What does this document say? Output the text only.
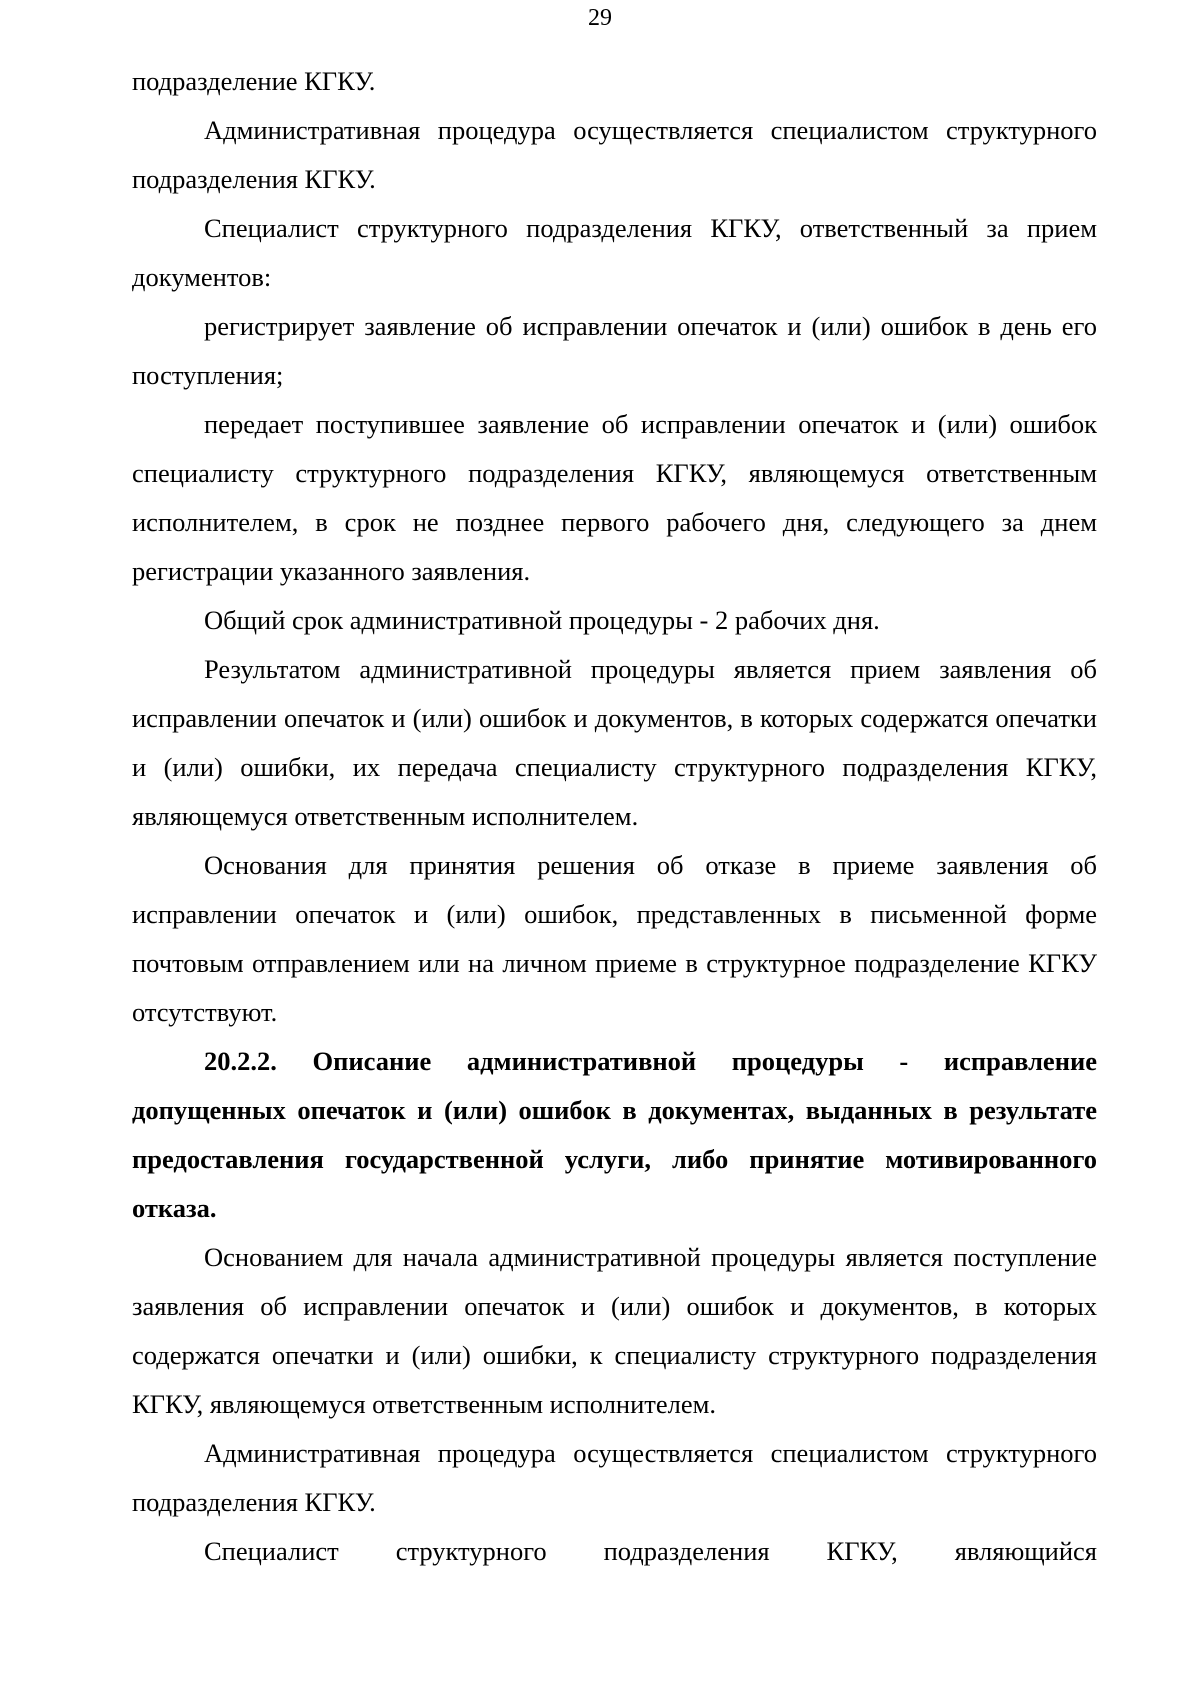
29

подразделение КГКУ.

Административная процедура осуществляется специалистом структурного подразделения КГКУ.

Специалист структурного подразделения КГКУ, ответственный за прием документов:

регистрирует заявление об исправлении опечаток и (или) ошибок в день его поступления;

передает поступившее заявление об исправлении опечаток и (или) ошибок специалисту структурного подразделения КГКУ, являющемуся ответственным исполнителем, в срок не позднее первого рабочего дня, следующего за днем регистрации указанного заявления.

Общий срок административной процедуры - 2 рабочих дня.

Результатом административной процедуры является прием заявления об исправлении опечаток и (или) ошибок и документов, в которых содержатся опечатки и (или) ошибки, их передача специалисту структурного подразделения КГКУ, являющемуся ответственным исполнителем.

Основания для принятия решения об отказе в приеме заявления об исправлении опечаток и (или) ошибок, представленных в письменной форме почтовым отправлением или на личном приеме в структурное подразделение КГКУ отсутствуют.

20.2.2. Описание административной процедуры - исправление допущенных опечаток и (или) ошибок в документах, выданных в результате предоставления государственной услуги, либо принятие мотивированного отказа.

Основанием для начала административной процедуры является поступление заявления об исправлении опечаток и (или) ошибок и документов, в которых содержатся опечатки и (или) ошибки, к специалисту структурного подразделения КГКУ, являющемуся ответственным исполнителем.

Административная процедура осуществляется специалистом структурного подразделения КГКУ.

Специалист структурного подразделения КГКУ, являющийся
